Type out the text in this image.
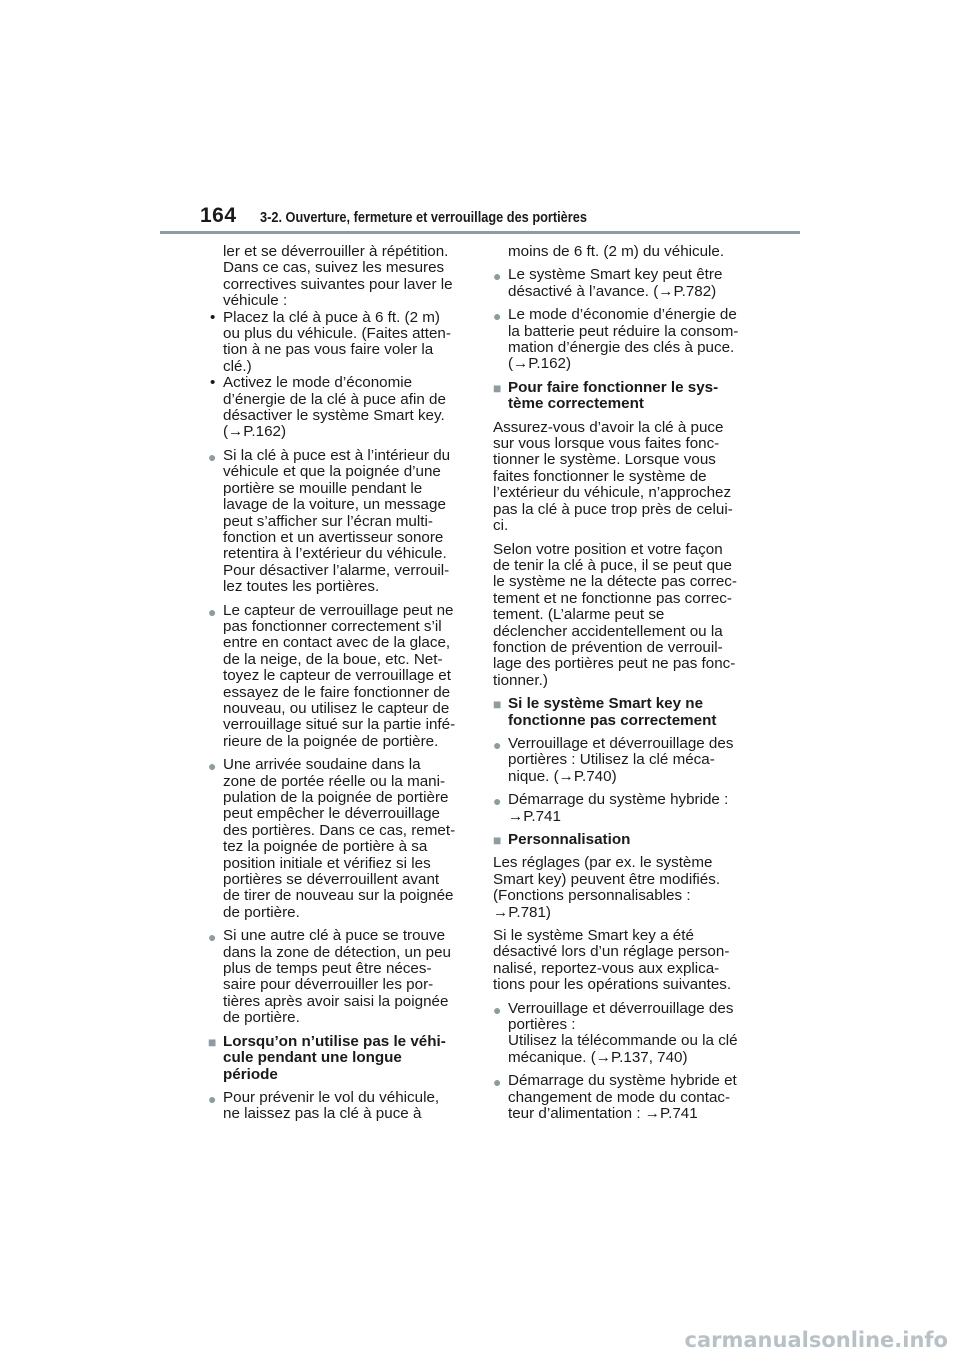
164 3-2. Ouverture, fermeture et verrouillage des portières
ler et se déverrouiller à répétition.
Dans ce cas, suivez les mesures
correctives suivantes pour laver le
véhicule :
• Placez la clé à puce à 6 ft. (2 m)
ou plus du véhicule. (Faites atten-
tion à ne pas vous faire voler la
clé.)
• Activez le mode d’économie
d’énergie de la clé à puce afin de
désactiver le système Smart key.
(→P.162)
● Si la clé à puce est à l’intérieur du
véhicule et que la poignée d’une
portière se mouille pendant le
lavage de la voiture, un message
peut s’afficher sur l’écran multi-
fonction et un avertisseur sonore
retentira à l’extérieur du véhicule.
Pour désactiver l’alarme, verrouil-
lez toutes les portières.
● Le capteur de verrouillage peut ne
pas fonctionner correctement s’il
entre en contact avec de la glace,
de la neige, de la boue, etc. Net-
toyez le capteur de verrouillage et
essayez de le faire fonctionner de
nouveau, ou utilisez le capteur de
verrouillage situé sur la partie infé-
rieure de la poignée de portière.
● Une arrivée soudaine dans la
zone de portée réelle ou la mani-
pulation de la poignée de portière
peut empêcher le déverrouillage
des portières. Dans ce cas, remet-
tez la poignée de portière à sa
position initiale et vérifiez si les
portières se déverrouillent avant
de tirer de nouveau sur la poignée
de portière.
● Si une autre clé à puce se trouve
dans la zone de détection, un peu
plus de temps peut être néces-
saire pour déverrouiller les por-
tières après avoir saisi la poignée
de portière.
■ Lorsqu’on n’utilise pas le véhi-
cule pendant une longue
période
● Pour prévenir le vol du véhicule,
ne laissez pas la clé à puce à
moins de 6 ft. (2 m) du véhicule.
● Le système Smart key peut être
désactivé à l’avance. (→P.782)
● Le mode d’économie d’énergie de
la batterie peut réduire la consom-
mation d’énergie des clés à puce.
(→P.162)
■ Pour faire fonctionner le sys-
tème correctement
Assurez-vous d’avoir la clé à puce
sur vous lorsque vous faites fonc-
tionner le système. Lorsque vous
faites fonctionner le système de
l’extérieur du véhicule, n’approchez
pas la clé à puce trop près de celui-
ci.
Selon votre position et votre façon
de tenir la clé à puce, il se peut que
le système ne la détecte pas correc-
tement et ne fonctionne pas correc-
tement. (L’alarme peut se
déclencher accidentellement ou la
fonction de prévention de verrouil-
lage des portières peut ne pas fonc-
tionner.)
■ Si le système Smart key ne
fonctionne pas correctement
● Verrouillage et déverrouillage des
portières : Utilisez la clé méca-
nique. (→P.740)
● Démarrage du système hybride :
→P.741
■ Personnalisation
Les réglages (par ex. le système
Smart key) peuvent être modifiés.
(Fonctions personnalisables :
→P.781)
Si le système Smart key a été
désactivé lors d’un réglage person-
nalisé, reportez-vous aux explica-
tions pour les opérations suivantes.
● Verrouillage et déverrouillage des
portières :
Utilisez la télécommande ou la clé
mécanique. (→P.137, 740)
● Démarrage du système hybride et
changement de mode du contac-
teur d’alimentation : →P.741
carmanualsonline.info
